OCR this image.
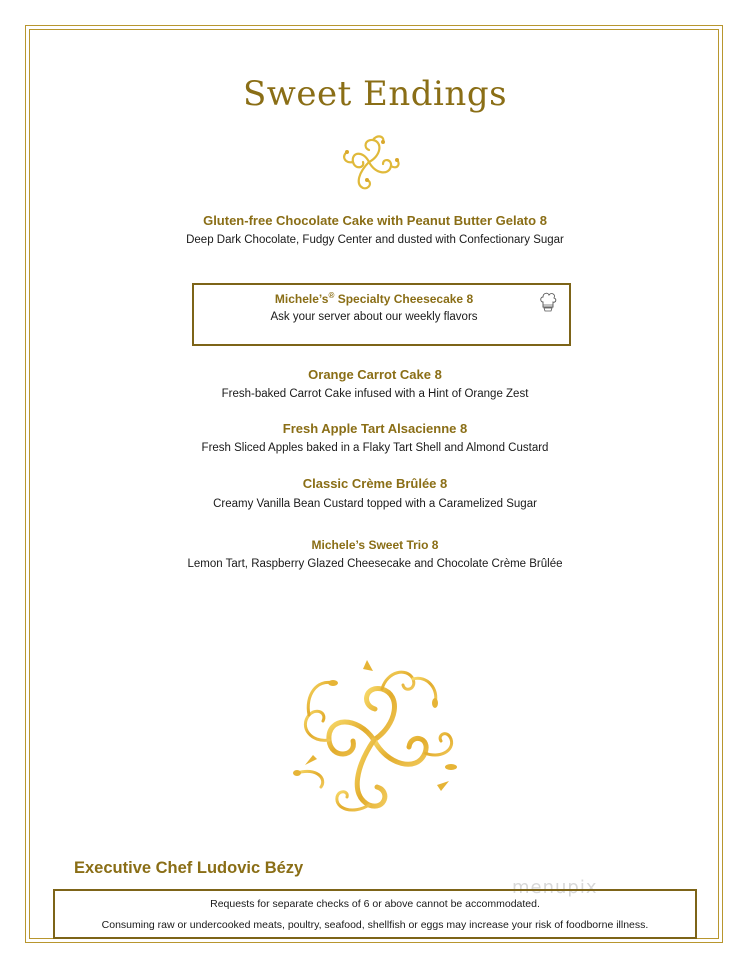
Sweet Endings
Gluten-free Chocolate Cake with Peanut Butter Gelato 8
Deep Dark Chocolate, Fudgy Center and dusted with Confectionary Sugar
Michele’s® Specialty Cheesecake 8
Ask your server about our weekly flavors
Orange Carrot Cake 8
Fresh-baked Carrot Cake infused with a Hint of Orange Zest
Fresh Apple Tart Alsacienne 8
Fresh Sliced Apples baked in a Flaky Tart Shell and Almond Custard
Classic Crème Brûlée 8
Creamy Vanilla Bean Custard topped with a Caramelized Sugar
Michele’s Sweet Trio 8
Lemon Tart, Raspberry Glazed Cheesecake and Chocolate Crème Brûlée
Executive Chef Ludovic Bézy
menupix
Requests for separate checks of 6 or above cannot be accommodated.
Consuming raw or undercooked meats, poultry, seafood, shellfish or eggs may increase your risk of foodborne illness.
